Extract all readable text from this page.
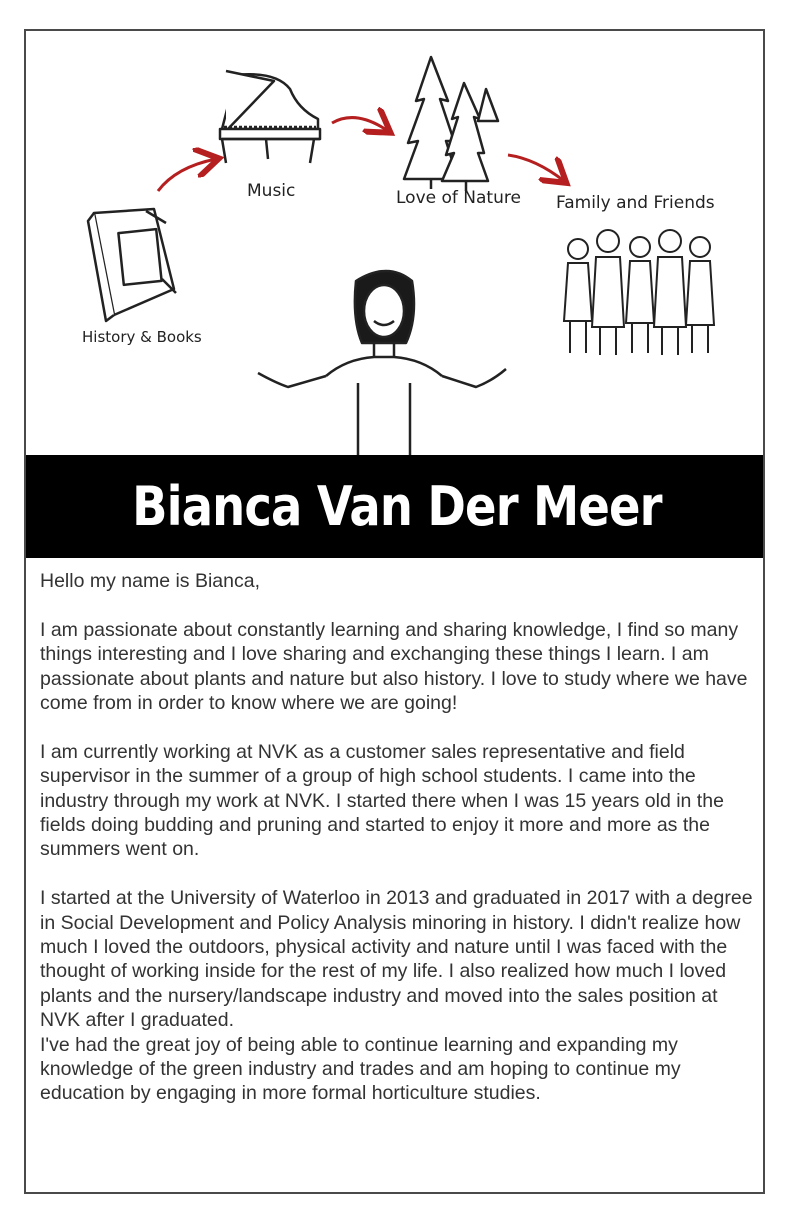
History & Books
Music	Love of Nature Family and Friends
Bianca Van Der Meer

Hello my name is Bianca,

I am passionate about constantly learning and sharing knowledge, I find so many things interesting and I love sharing and exchanging these things I learn. I am passionate about plants and nature but also history. I love to study where we have come from in order to know where we are going!

I am currently working at NVK as a customer sales representative and field supervisor in the summer of a group of high school students. I came into the industry through my work at NVK. I started there when I was 15 years old in the fields doing budding and pruning and started to enjoy it more and more as the summers went on.

I started at the University of Waterloo in 2013 and graduated in 2017 with a degree in Social Development and Policy Analysis minoring in history. I didn't realize how much I loved the outdoors, physical activity and nature until I was faced with the thought of working inside for the rest of my life. I also realized how much I loved plants and the nursery/landscape industry and moved into the sales position at NVK after I graduated.
I've had the great joy of being able to continue learning and expanding my knowledge of the green industry and trades and am hoping to continue my education by engaging in more formal horticulture studies.
